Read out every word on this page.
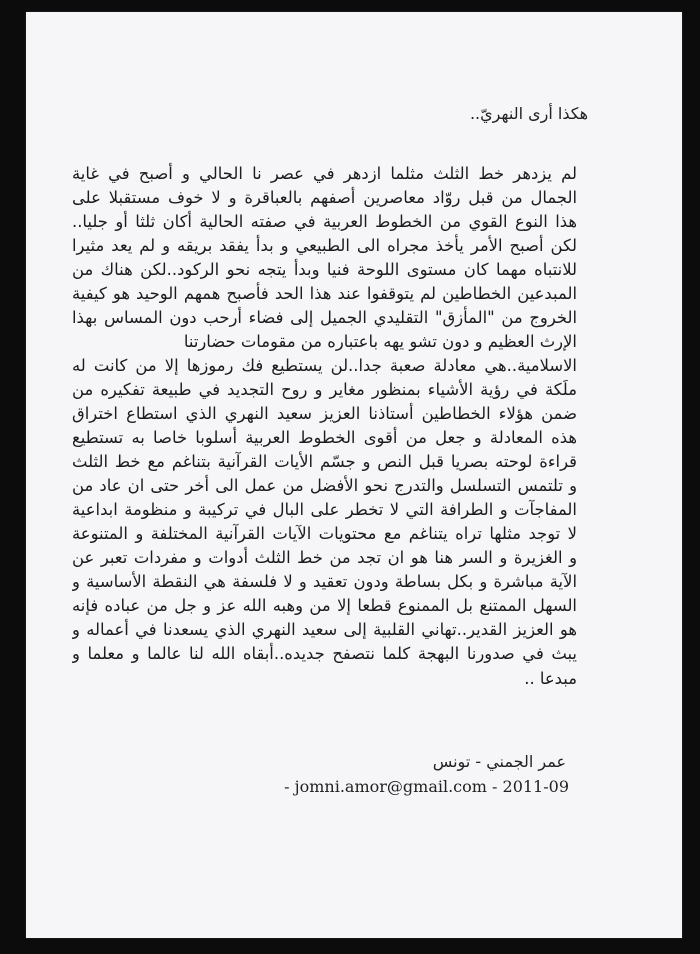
هكذا أرى النهريّ..
لم يزدهر خط الثلث مثلما ازدهر في عصر نا الحالي و أصبح في غاية
الجمال من قبل روّاد معاصرين أصفهم بالعباقرة و لا خوف مستقبلا على
هذا النوع القوي من الخطوط العربية في صفته الحالية أكان ثلثا أو جليا..
لكن أصبح الأمر يأخذ مجراه الى الطبيعي و بدأ يفقد بريقه و لم يعد مثيرا
للانتباه مهما كان مستوى اللوحة فنيا وبدأ يتجه نحو الركود..لكن هناك من
المبدعين الخطاطين لم يتوقفوا عند هذا الحد فأصبح همهم الوحيد هو كيفية
الخروج من "المأزق" التقليدي الجميل إلى فضاء أرحب دون المساس بهذا
الإرث العظيم و دون تشو يهه باعتباره من مقومات حضارتنا
الاسلامية..هي معادلة صعبة جدا..لن يستطيع فك رموزها إلا من كانت له
ملَكة في رؤية الأشياء بمنظور مغاير و روح التجديد في طبيعة تفكيره من
ضمن هؤلاء الخطاطين أستاذنا العزيز سعيد النهري الذي استطاع اختراق
هذه المعادلة و جعل من أقوى الخطوط العربية أسلوبا خاصا به تستطيع
قراءة لوحته بصريا قبل النص و جسّم الأيات القرآنية بتناغم مع خط الثلث
و تلتمس التسلسل والتدرج نحو الأفضل من عمل الى أخر حتى ان عاد من
المفاجآت و الطرافة التي لا تخطر على البال في تركيبة و منظومة ابداعية
لا توجد مثلها تراه يتناغم مع محتويات الآيات القرآنية المختلفة و المتنوعة
و الغزيرة و السر هنا هو ان تجد من خط الثلث أدوات و مفردات تعبر عن
الآية مباشرة و بكل بساطة ودون تعقيد و لا فلسفة هي النقطة الأساسية و
السهل الممتنع بل الممنوع قطعا إلا من وهبه الله عز و جل من عباده فإنه
هو العزيز القدير..تهاني القلبية إلى سعيد النهري الذي يسعدنا في أعماله و
يبث في صدورنا البهجة كلما نتصفح جديده..أبقاه الله لنا عالما و معلما و
مبدعا ..
عمر الجمني - تونس
- jomni.amor@gmail.com - 2011-09
